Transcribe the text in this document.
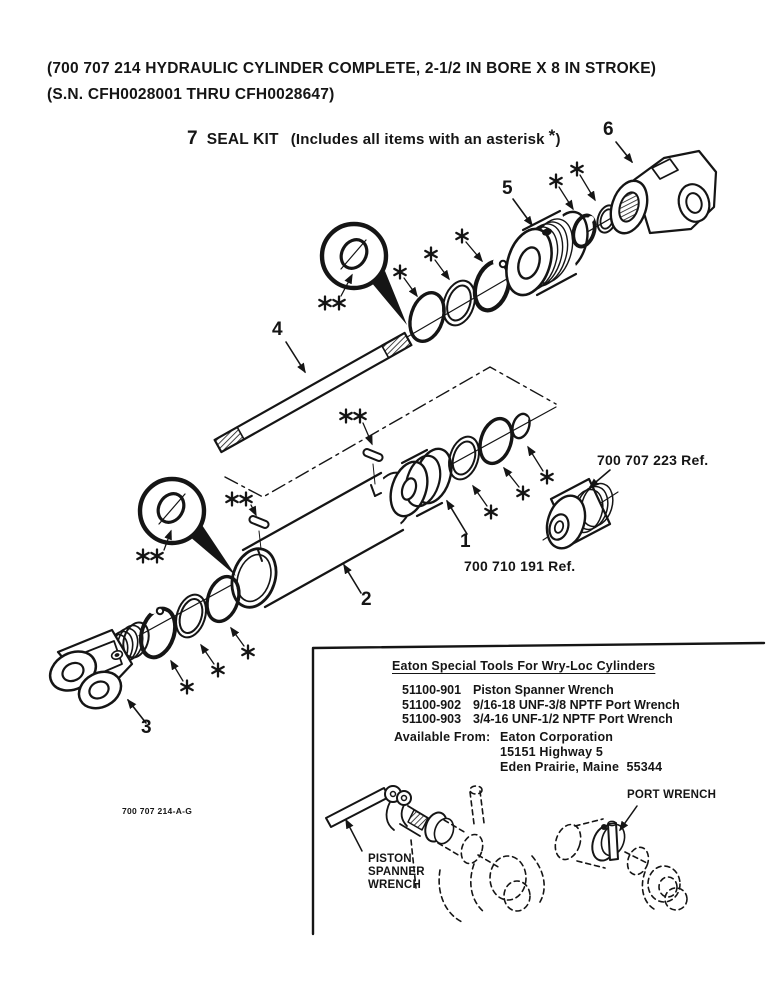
(700 707 214 HYDRAULIC CYLINDER COMPLETE, 2-1/2 IN BORE X 8 IN STROKE)
(S.N. CFH0028001 THRU CFH0028647)
7 SEAL KIT (Includes all items with an asterisk * )
1
2
3
4
5
6
700 707 223 Ref.
700 710 191 Ref.
700 707 214-A-G
Eaton Special Tools For Wry-Loc Cylinders
51100-901 Piston Spanner Wrench
51100-902 9/16-18 UNF-3/8 NPTF Port Wrench
51100-903 3/4-16 UNF-1/2 NPTF Port Wrench
Available From: Eaton Corporation
15151 Highway 5
Eden Prairie, Maine  55344
PISTON
SPANNER
WRENCH
PORT WRENCH
